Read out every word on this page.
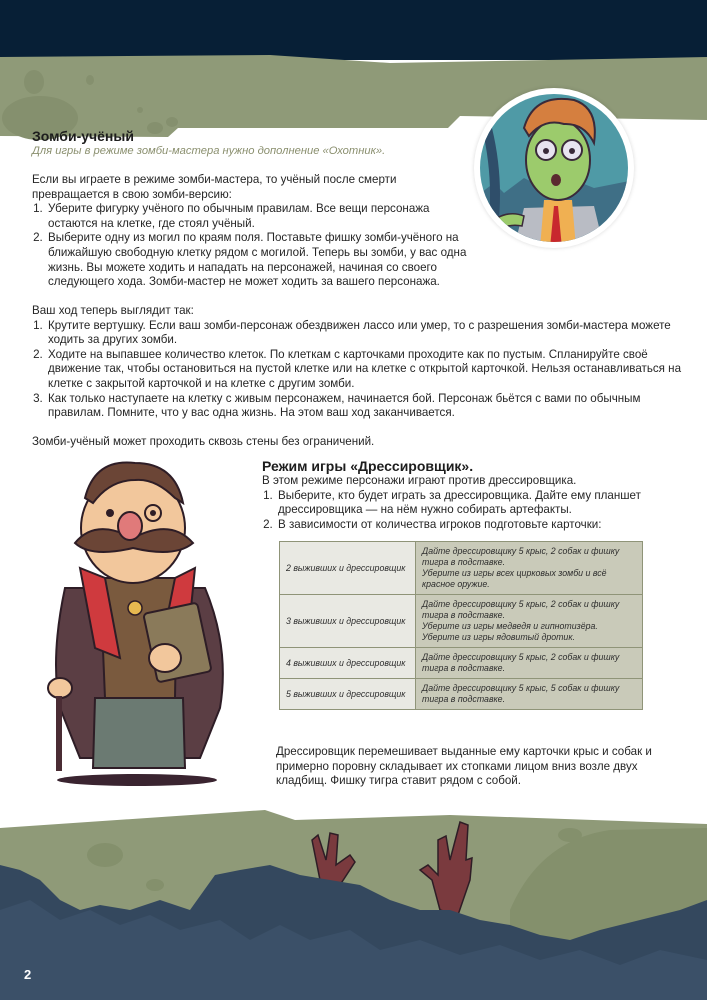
Зомби-учёный
Для игры в режиме зомби-мастера нужно дополнение «Охотник».

Если вы играете в режиме зомби-мастера, то учёный после смерти превращается в свою зомби-версию:

1. Уберите фигурку учёного по обычным правилам. Все вещи персонажа остаются на клетке, где стоял учёный.
2. Выберите одну из могил по краям поля. Поставьте фишку зомби-учёного на ближайшую свободную клетку рядом с могилой. Теперь вы зомби, у вас одна жизнь. Вы можете ходить и нападать на персонажей, начиная со своего следующего хода. Зомби-мастер не может ходить за вашего персонажа.

Ваш ход теперь выглядит так:

1. Крутите вертушку. Если ваш зомби-персонаж обездвижен лассо или умер, то с разрешения зомби-мастера можете ходить за других зомби.
2. Ходите на выпавшее количество клеток. По клеткам с карточками проходите как по пустым. Спланируйте своё движение так, чтобы остановиться на пустой клетке или на клетке с открытой карточкой. Нельзя останавливаться на клетке с закрытой карточкой и на клетке с другим зомби.
3. Как только наступаете на клетку с живым персонажем, начинается бой. Персонаж бьётся с вами по обычным правилам. Помните, что у вас одна жизнь. На этом ваш ход заканчивается.

Зомби-учёный может проходить сквозь стены без ограничений.

Режим игры «Дрессировщик».

В этом режиме персонажи играют против дрессировщика.

1. Выберите, кто будет играть за дрессировщика. Дайте ему планшет дрессировщика — на нём нужно собирать артефакты.
2. В зависимости от количества игроков подготовьте карточки:
2 выживших и дрессировщик	Дайте дрессировщику 5 крыс, 2 собак и фишку тигра в подставке.
Уберите из игры всех цирковых зомби и всё красное оружие.

3 выживших и дрессировщик	Дайте дрессировщику 5 крыс, 2 собак и фишку тигра в подставке.
Уберите из игры медведя и гипнотизёра.
Уберите из игры ядовитый дротик.

4 выживших и дрессировщик	Дайте дрессировщику 5 крыс, 2 собак и фишку тигра в подставке.

5 выживших и дрессировщик	Дайте дрессировщику 5 крыс, 5 собак и фишку тигра в подставке.
Дрессировщик перемешивает выданные ему карточки крыс и собак и примерно поровну складывает их стопками лицом вниз возле двух кладбищ. Фишку тигра ставит рядом с собой.
2
